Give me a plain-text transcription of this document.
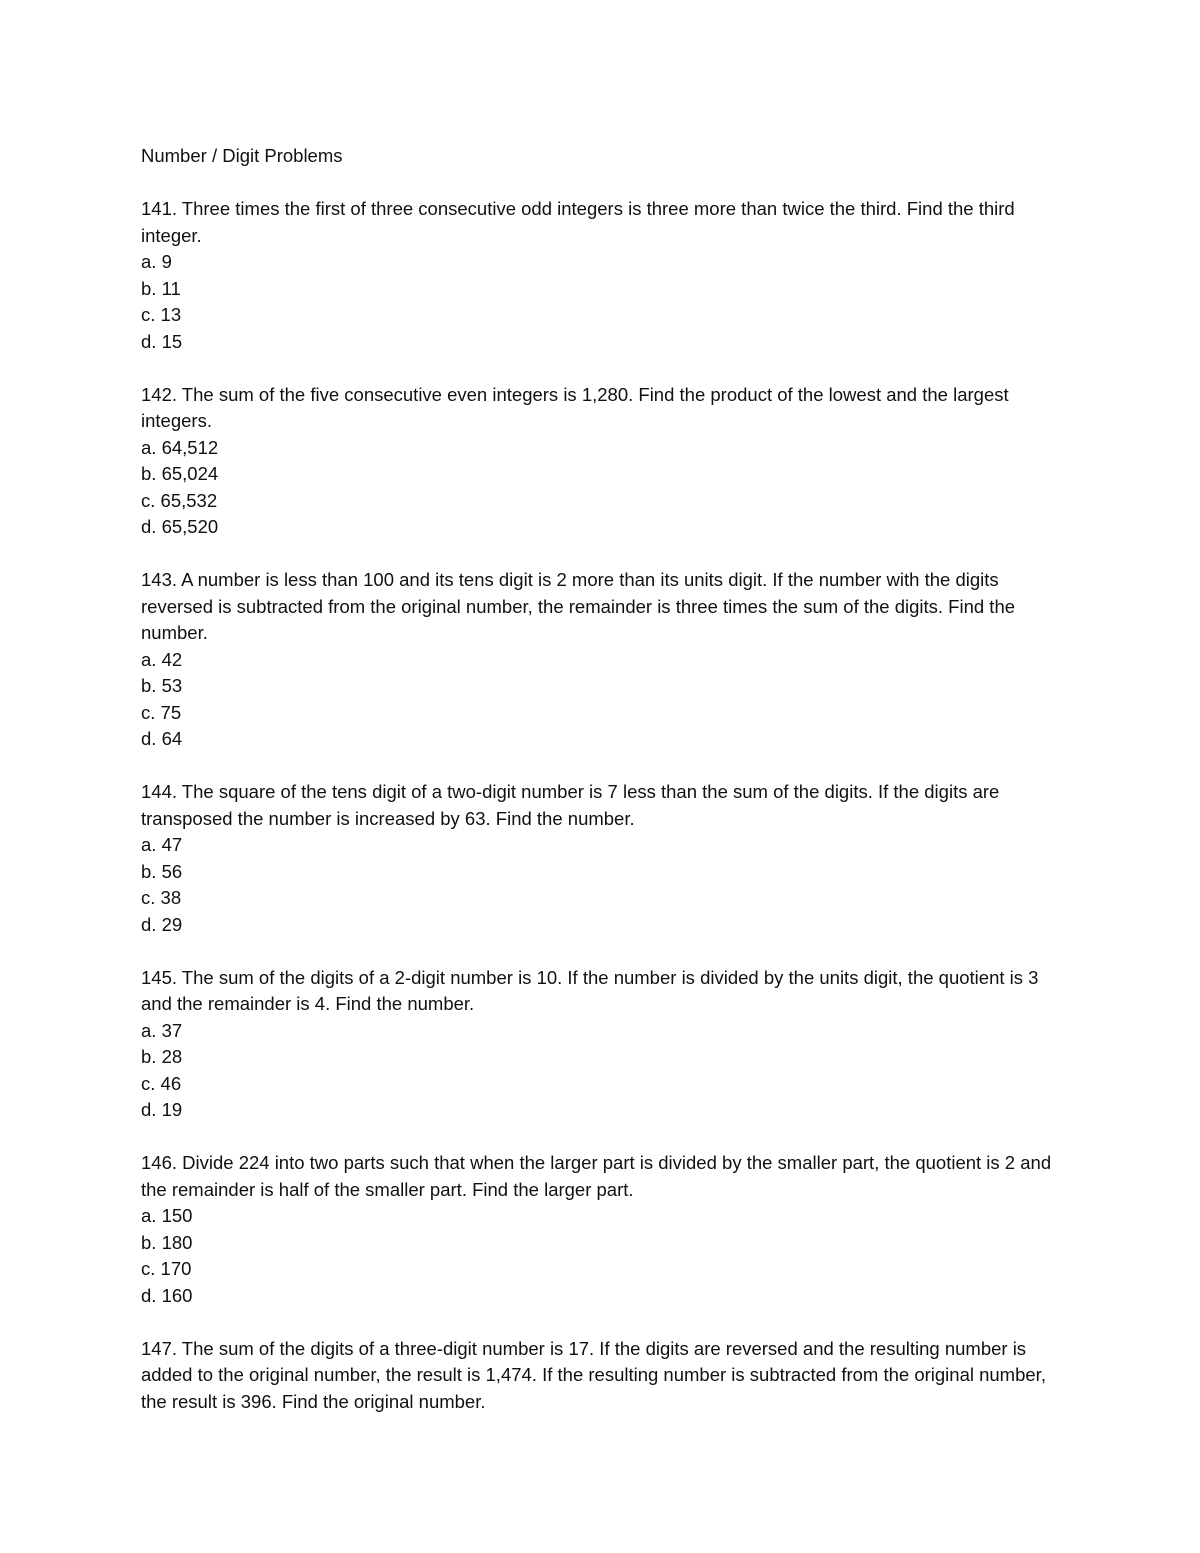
Number / Digit Problems

141. Three times the first of three consecutive odd integers is three more than twice the third. Find the third integer.

a. 9
b. 11
c. 13
d. 15

142. The sum of the five consecutive even integers is 1,280. Find the product of the lowest and the largest integers.

a. 64,512
b. 65,024
c. 65,532
d. 65,520

143. A number is less than 100 and its tens digit is 2 more than its units digit. If the number with the digits reversed is subtracted from the original number, the remainder is three times the sum of the digits. Find the number.

a. 42
b. 53
c. 75
d. 64

144. The square of the tens digit of a two-digit number is 7 less than the sum of the digits. If the digits are transposed the number is increased by 63. Find the number.

a. 47
b. 56
c. 38
d. 29

145. The sum of the digits of a 2-digit number is 10. If the number is divided by the units digit, the quotient is 3 and the remainder is 4. Find the number.

a. 37
b. 28
c. 46
d. 19

146. Divide 224 into two parts such that when the larger part is divided by the smaller part, the quotient is 2 and the remainder is half of the smaller part. Find the larger part.

a. 150
b. 180
c. 170
d. 160

147. The sum of the digits of a three-digit number is 17. If the digits are reversed and the resulting number is added to the original number, the result is 1,474. If the resulting number is subtracted from the original number, the result is 396. Find the original number.
